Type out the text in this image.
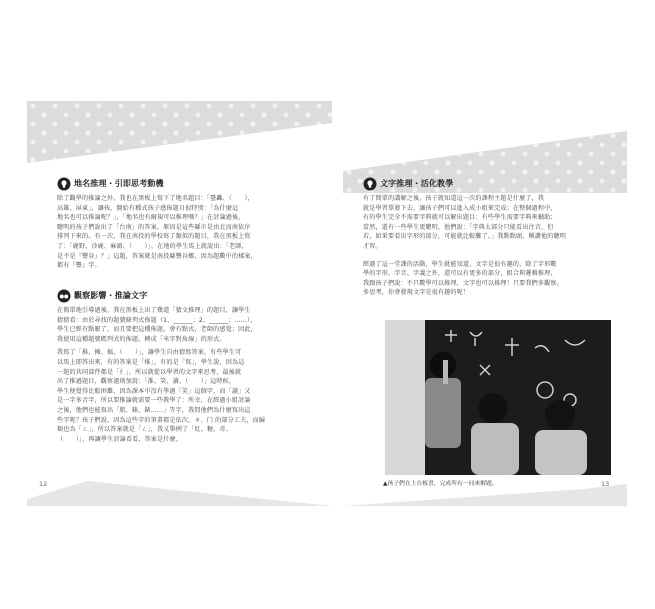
地名推理・引即思考動機

除了觀學的推論之外，我也在黑板上寫下了地名題目：「臺轟、（　　），
高雄、屏東」，讓孩，開始有種式孩子感佈題目很特別：「為什麼這
地名也可以推論呢？」，「地名也有爾規可以推理嗎？」在討論過後，
聰明的孩子們說出了「台南」的答案。原因是這些縣市是由北而南依序
排列下來的。有一次，我在南投的學校寫了類似的題目，我在黑板上寫
了：「鹿野、沙鹿、麻鴻、（　　）」，在地的學生馬上就說出：「老師，
是不是『豐谷』？」這題，答案就是南投縣豐谷鄉，因為題數中的樣案，
都有『豐』字。

觀察影響・推論文字

在簡單地引導過後，我在黑板上出了幾道「猜文推理」的題目，讓學生
猜猜看：由於尋找的題號條列式佈題（1、______；2、______；……），
學生已經有點厭了，而且要把這種佈題，會有點式，老師的感覺；因此，
我使用這種題號碼列式的佈題，轉成「米字對角線」的形式。

我寫了「推、擁、搞、（　　）」，讓學生自由猜寫答案，有些學生可
以馬上即答出來，有的答案是「推」，有的是「寫」，學生說，因為這
一題的共同部件都是「扌」，所以就從以學習的文字來思考，最後就
出了推過題目，觀察過則加說：「淮、笑、讀、（　　）」這時候，
學生便覺得比較困難，因為課本中沒有學過「笑」這個字，而「讀」又
是一字多音字，所以要推論就需要一些教學了：所幸，在經過小組討論
之後，他們也能寫出「瓶、錶、錶……」等字，我問他們為什麼寫出這
些字呢？孩子們說，因為這些字的筆畫都是依次、々、门 的部分工夫，而歸
類也為「ㄥ」，所以答案就是「ㄥ」，我又舉例了「紅、糖、奇、
（　　）」，再讓學生討論看看，答案是什麼。

12
文字推理・活化教學

有了簡單的講解之後，孩子就知道這一次的課程主題是什麼了，我
就是學習單發下去，讓孩子們可以進入成小組來完成；在整個過程中，
有的學生完全不需要字典就可以解出題目；有些學生需要字典來輔助；
當然，還有一些學生更聰明，他們說：「字典太部分只能看出注音，但
若，如果要看出字形的部分，可能就比較難了。」我點點頭，稱讚他的聰明
才智。

經過了這一堂課的活動，學生就能知道，文字是很有趣的，除了字形數
學的字形、字音、字義之外，還可以有更多的部分，組合與邏輯推理，
我跟孩子們說：不只數學可以推理，文字也可以推理！只要我們多觀察、
多思考，你會發現文字是很有趣的呢！

▲孩子們在上台板書，完成所有一同來解題。	13
